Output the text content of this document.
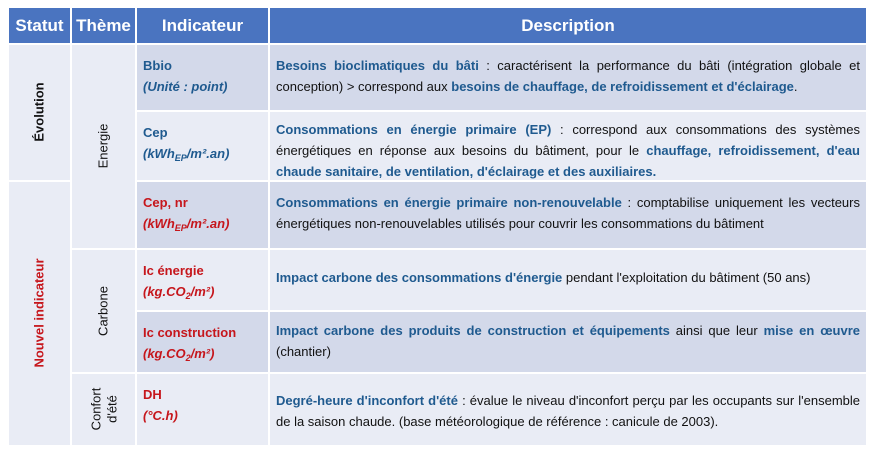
Statut Thème	Indicateur	Description
Évolution
Nouvel indicateur
Energie
Carbone
Confort d'été
Bbio
(Unité : point)
Besoins bioclimatiques du bâti : caractérisent la performance du bâti (intégration globale et conception) > correspond aux besoins de chauffage, de refroidissement et d'éclairage.
Cep
(kWh$_{EP}$/m².an)
Consommations en énergie primaire (EP) : correspond aux consommations des systèmes énergétiques en réponse aux besoins du bâtiment, pour le chauffage, refroidissement, d'eau chaude sanitaire, de ventilation, d'éclairage et des auxiliaires.
Cep, nr
(kWh$_{EP}$/m².an)
Consommations en énergie primaire non-renouvelable : comptabilise uniquement les vecteurs énergétiques non-renouvelables utilisés pour couvrir les consommations du bâtiment
Ic énergie
$(kg.CO_2/m^2)$
Impact carbone des consommations d'énergie pendant l'exploitation du bâtiment (50 ans)
Ic construction
$(kg.CO_2/m^2)$
Impact carbone des produits de construction et équipements ainsi que leur mise en œuvre (chantier)
DH
(°C.h)
Degré-heure d'inconfort d'été : évalue le niveau d'inconfort perçu par les occupants sur l'ensemble de la saison chaude. (base météorologique de référence : canicule de 2003).
